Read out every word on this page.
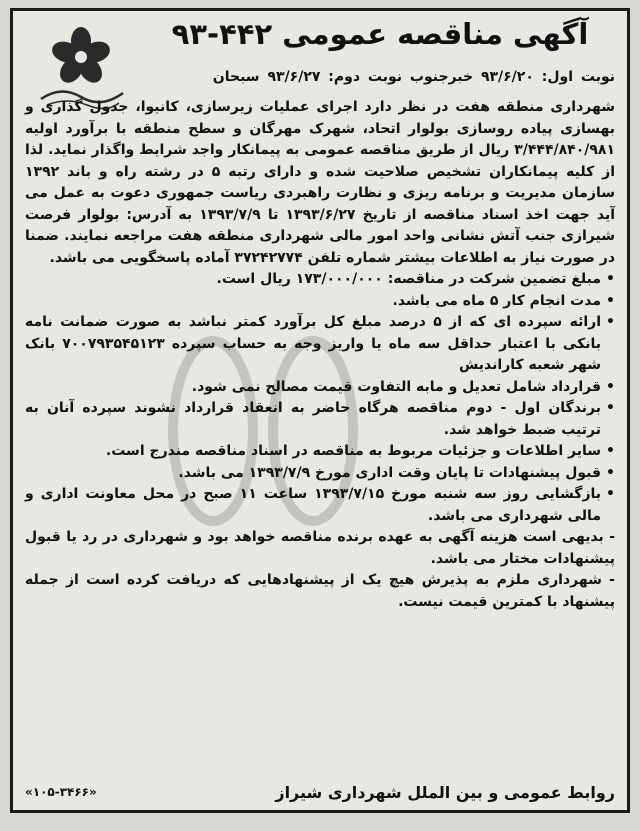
آگهی مناقصه عمومی ۴۴۲-۹۳
نوبت اول: ۹۳/۶/۲۰ خبرجنوب نوبت دوم: ۹۳/۶/۲۷ سبحان

شهرداری منطقه هفت در نظر دارد اجرای عملیات زیرسازی، کانیوا، جدول گذاری و بهسازی پیاده روسازی بولوار اتحاد، شهرک مهرگان و سطح منطقه با برآورد اولیه ۳/۴۴۴/۸۴۰/۹۸۱ ریال از طریق مناقصه عمومی به پیمانکار واجد شرایط واگذار نماید. لذا از کلیه پیمانکاران تشخیص صلاحیت شده و دارای رتبه ۵ در رشته راه و باند ۱۳۹۲ سازمان مدیریت و برنامه ریزی و نظارت راهبردی ریاست جمهوری دعوت به عمل می آید جهت اخذ اسناد مناقصه از تاریخ ۱۳۹۳/۶/۲۷ تا ۱۳۹۳/۷/۹ به آدرس: بولوار فرصت شیرازی جنب آتش نشانی واحد امور مالی شهرداری منطقه هفت مراجعه نمایند. ضمنا در صورت نیاز به اطلاعات بیشتر شماره تلفن ۳۷۲۴۲۷۷۴ آماده پاسخگویی می باشد.

• مبلغ تضمین شرکت در مناقصه: ۱۷۳/۰۰۰/۰۰۰ ریال است.
• مدت انجام کار ۵ ماه می باشد.
• ارائه سپرده ای که از ۵ درصد مبلغ کل برآورد کمتر نباشد به صورت ضمانت نامه بانکی با اعتبار حداقل سه ماه یا واریز وجه به حساب سپرده ۷۰۰۷۹۳۵۴۵۱۲۳ بانک شهر شعبه کاراندیش
• قرارداد شامل تعدیل و مابه التفاوت قیمت مصالح نمی شود.
• برندگان اول - دوم مناقصه هرگاه حاضر به انعقاد قرارداد نشوند سپرده آنان به ترتیب ضبط خواهد شد.
• سایر اطلاعات و جزئیات مربوط به مناقصه در اسناد مناقصه مندرج است.
• قبول پیشنهادات تا پایان وقت اداری مورخ ۱۳۹۳/۷/۹ می باشد.
• بازگشایی روز سه شنبه مورخ ۱۳۹۳/۷/۱۵ ساعت ۱۱ صبح در محل معاونت اداری و مالی شهرداری می باشد.
- بدیهی است هزینه آگهی به عهده برنده مناقصه خواهد بود و شهرداری در رد یا قبول پیشنهادات مختار می باشد.
- شهرداری ملزم به پذیرش هیچ یک از پیشنهادهایی که دریافت کرده است از جمله پیشنهاد با کمترین قیمت نیست.
روابط عمومی و بین الملل شهرداری شیراز
«۱۰۵-۳۴۶۶»
